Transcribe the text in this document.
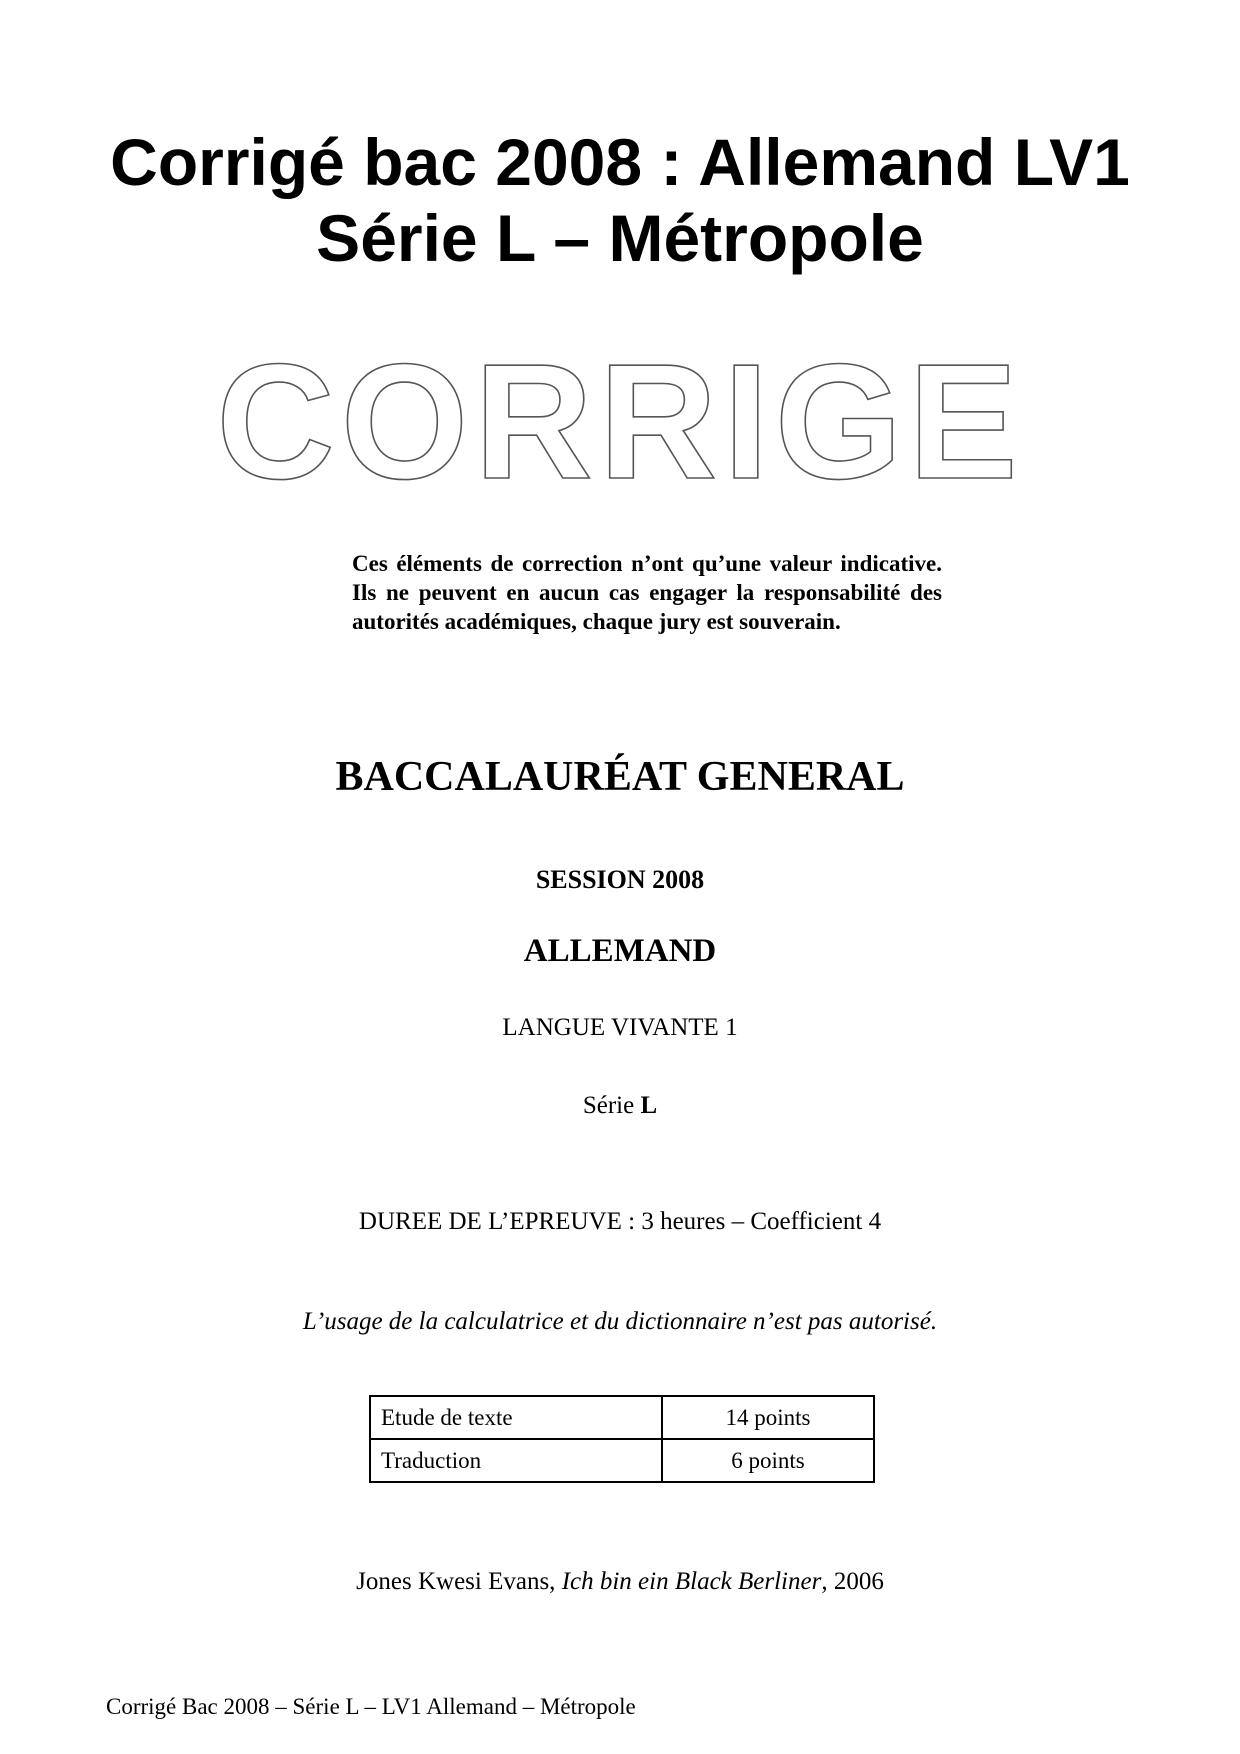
Corrigé bac 2008 : Allemand LV1
Série L – Métropole
CORRIGE
Ces éléments de correction n’ont qu’une valeur indicative. Ils ne peuvent en aucun cas engager la responsabilité des autorités académiques, chaque jury est souverain.
BACCALAURÉAT GENERAL
SESSION 2008
ALLEMAND
LANGUE VIVANTE 1
Série L
DUREE DE L’EPREUVE : 3 heures – Coefficient 4
L’usage de la calculatrice et du dictionnaire n’est pas autorisé.
Etude de texte	14 points
Traduction	6 points
Jones Kwesi Evans, Ich bin ein Black Berliner, 2006
Corrigé Bac 2008 – Série L – LV1 Allemand – Métropole
